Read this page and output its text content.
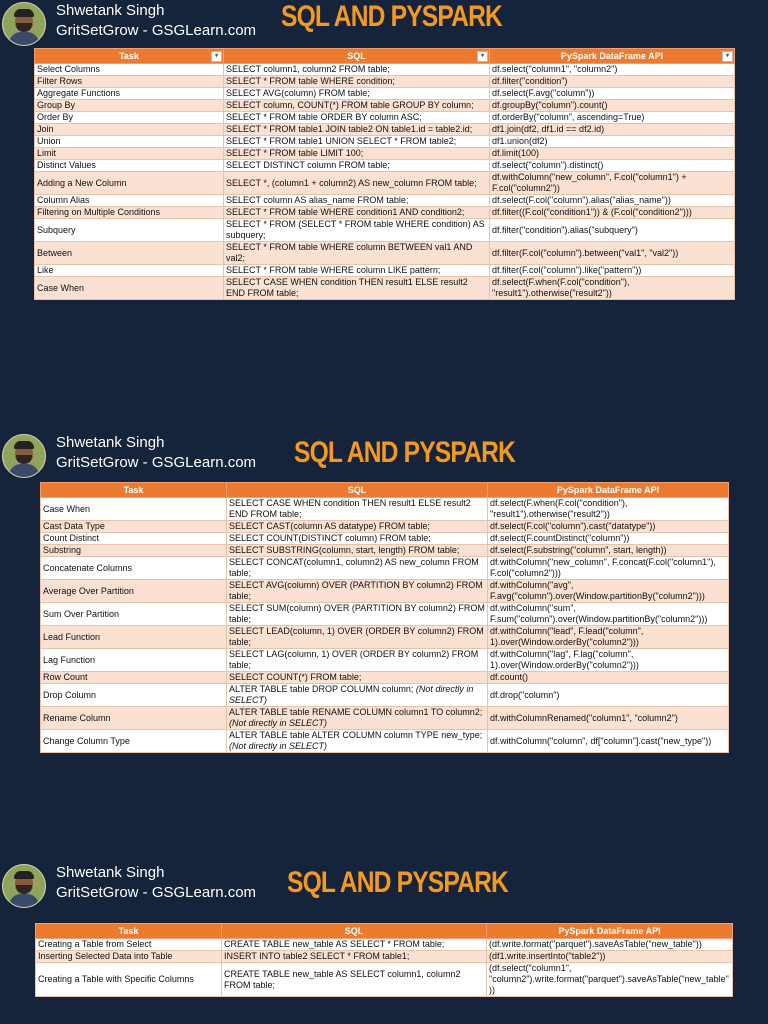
Shwetank Singh
GritSetGrow - GSGLearn.com SQL AND PYSPARK
Task ▾	SQL ▾	PySpark DataFrame API ▾

Select Columns	SELECT column1, column2 FROM table;	df.select("column1", "column2")
Filter Rows	SELECT * FROM table WHERE condition;	df.filter("condition")
Aggregate Functions	SELECT AVG(column) FROM table;	df.select(F.avg("column"))
Group By	SELECT column, COUNT(*) FROM table GROUP BY column;	df.groupBy("column").count()
Order By	SELECT * FROM table ORDER BY column ASC;	df.orderBy("column", ascending=True)
Join	SELECT * FROM table1 JOIN table2 ON table1.id = table2.id;	df1.join(df2, df1.id == df2.id)
Union	SELECT * FROM table1 UNION SELECT * FROM table2;	df1.union(df2)
Limit	SELECT * FROM table LIMIT 100;	df.limit(100)
Distinct Values	SELECT DISTINCT column FROM table;	df.select("column").distinct()
Adding a New Column	SELECT *, (column1 + column2) AS new_column FROM table;	df.withColumn("new_column", F.col("column1") + F.col("column2"))
Column Alias	SELECT column AS alias_name FROM table;	df.select(F.col("column").alias("alias_name"))
Filtering on Multiple Conditions	SELECT * FROM table WHERE condition1 AND condition2;	df.filter((F.col("condition1")) & (F.col("condition2")))
Subquery	SELECT * FROM (SELECT * FROM table WHERE condition) AS subquery;	df.filter("condition").alias("subquery")
Between	SELECT * FROM table WHERE column BETWEEN val1 AND val2;	df.filter(F.col("column").between("val1", "val2"))
Like	SELECT * FROM table WHERE column LIKE pattern;	df.filter(F.col("column").like("pattern"))
Case When	SELECT CASE WHEN condition THEN result1 ELSE result2 END FROM table;	df.select(F.when(F.col("condition"), "result1").otherwise("result2"))
Shwetank Singh
GritSetGrow - GSGLearn.com SQL AND PYSPARK
Task	SQL	PySpark DataFrame API
Case When	SELECT CASE WHEN condition THEN result1 ELSE result2 END FROM table;	df.select(F.when(F.col("condition"), "result1").otherwise("result2"))
Cast Data Type	SELECT CAST(column AS datatype) FROM table;	df.select(F.col("column").cast("datatype"))
Count Distinct	SELECT COUNT(DISTINCT column) FROM table;	df.select(F.countDistinct("column"))
Substring	SELECT SUBSTRING(column, start, length) FROM table;	df.select(F.substring("column", start, length))
Concatenate Columns	SELECT CONCAT(column1, column2) AS new_column FROM table;	df.withColumn("new_column", F.concat(F.col("column1"), F.col("column2")))
Average Over Partition	SELECT AVG(column) OVER (PARTITION BY column2) FROM table;	df.withColumn("avg", F.avg("column").over(Window.partitionBy("column2")))
Sum Over Partition	SELECT SUM(column) OVER (PARTITION BY column2) FROM table;	df.withColumn("sum", F.sum("column").over(Window.partitionBy("column2")))
Lead Function	SELECT LEAD(column, 1) OVER (ORDER BY column2) FROM table;	df.withColumn("lead", F.lead("column", 1).over(Window.orderBy("column2")))
Lag Function	SELECT LAG(column, 1) OVER (ORDER BY column2) FROM table;	df.withColumn("lag", F.lag("column", 1).over(Window.orderBy("column2")))
Row Count	SELECT COUNT(*) FROM table;	df.count()
Drop Column	ALTER TABLE table DROP COLUMN column; (Not directly in SELECT)	df.drop("column")
Rename Column	ALTER TABLE table RENAME COLUMN column1 TO column2; (Not directly in SELECT)	df.withColumnRenamed("column1", "column2")
Change Column Type	ALTER TABLE table ALTER COLUMN column TYPE new_type; (Not directly in SELECT)	df.withColumn("column", df["column"].cast("new_type"))
Shwetank Singh
GritSetGrow - GSGLearn.com SQL AND PYSPARK
Task	SQL	PySpark DataFrame API
Creating a Table from Select	CREATE TABLE new_table AS SELECT * FROM table;	(df.write.format("parquet").saveAsTable("new_table"))
Inserting Selected Data into Table	INSERT INTO table2 SELECT * FROM table1;	(df1.write.insertInto("table2"))
Creating a Table with Specific Columns	CREATE TABLE new_table AS SELECT column1, column2 FROM table;	(df.select("column1", "column2").write.format("parquet").saveAsTable("new_table"))
